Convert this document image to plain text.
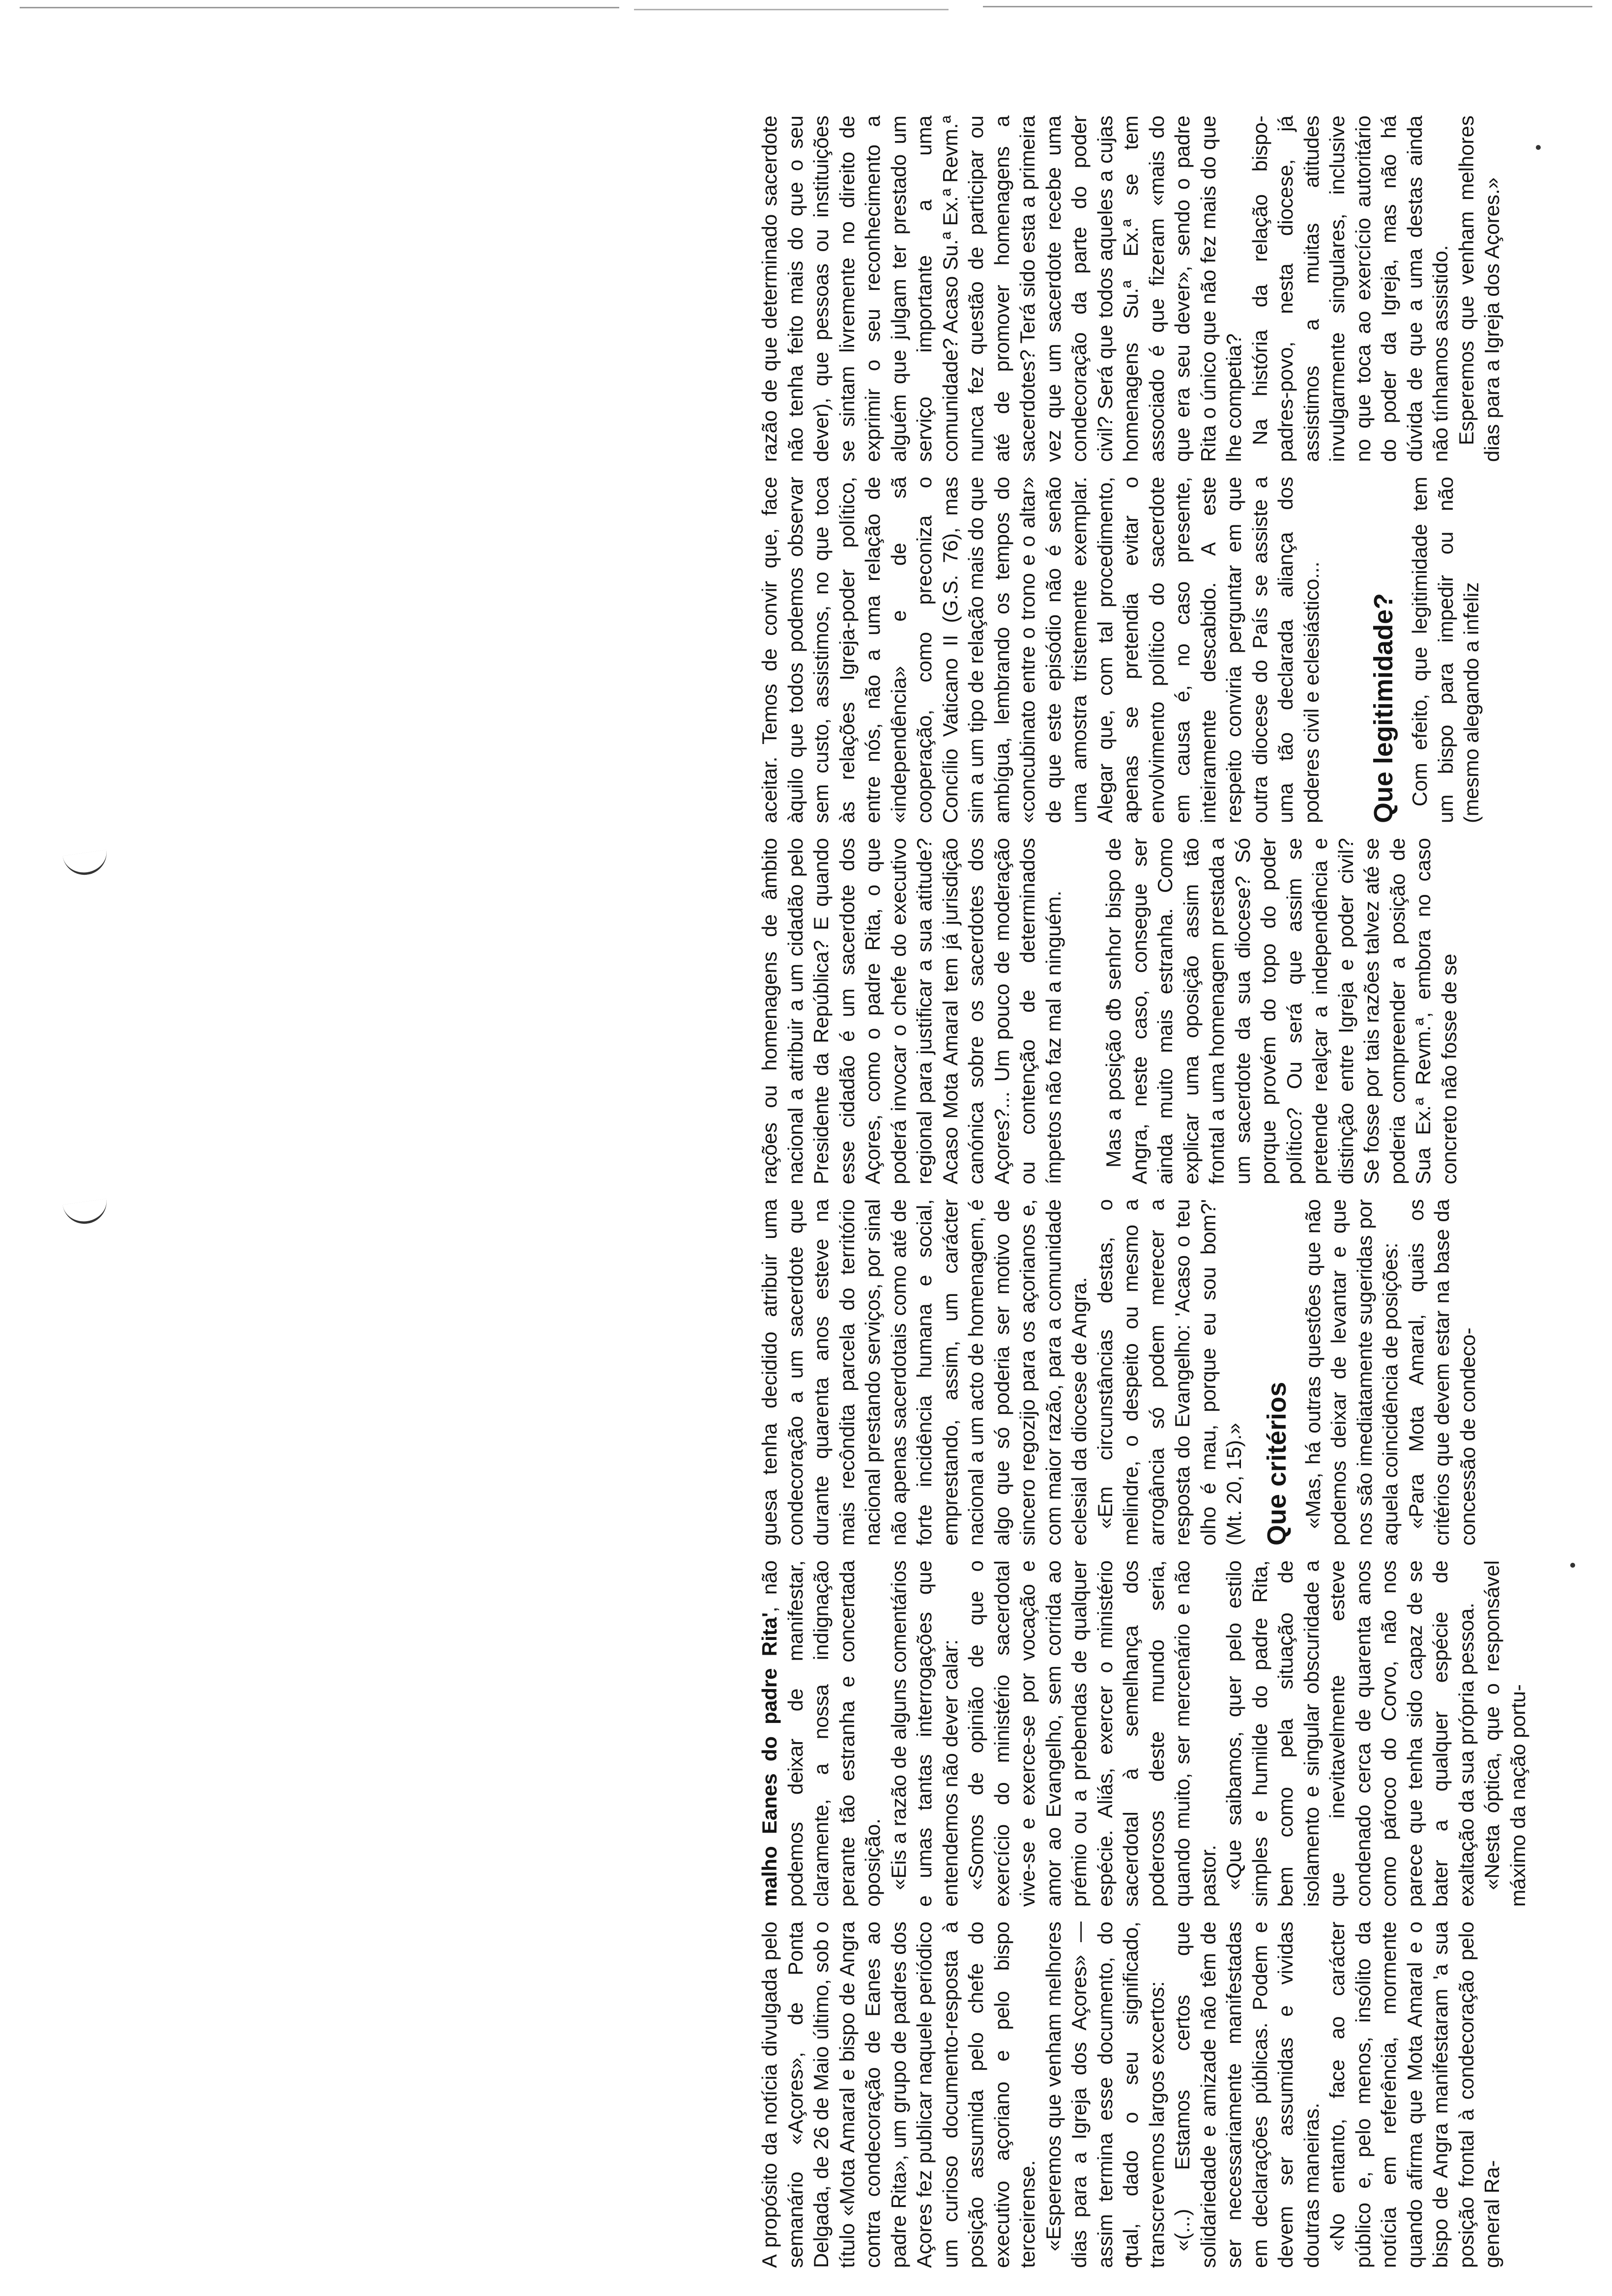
A propósito da notícia divulgada pelo semanário «Açores», de Ponta Delgada, de 26 de Maio último, sob o título «Mota Amaral e bispo de Angra contra condecoração de Eanes ao padre Rita», um grupo de padres dos Açores fez publicar naquele periódico um curioso documento-resposta à posição assumida pelo chefe do executivo açoriano e pelo bispo terceirense. «Esperemos que venham melhores dias para a Igreja dos Açores» — assim termina esse documento, do qual, dado o seu significado, transcrevemos largos excertos: «(...) Estamos certos que solidariedade e amizade não têm de ser necessariamente manifestadas em declarações públicas. Podem e devem ser assumidas e vividas doutras maneiras. «No entanto, face ao carácter público e, pelo menos, insólito da notícia em referência, mormente quando afirma que Mota Amaral e o bispo de Angra manifestaram 'a sua posição frontal à condecoração pelo general Ra-

malho Eanes do padre Rita', não podemos deixar de manifestar, claramente, a nossa indignação perante tão estranha e concertada oposição. «Eis a razão de alguns comentários e umas tantas interrogações que entendemos não dever calar: «Somos de opinião de que o exercício do ministério sacerdotal vive-se e exerce-se por vocação e amor ao Evangelho, sem corrida ao prémio ou a prebendas de qualquer espécie. Aliás, exercer o ministério sacerdotal à semelhança dos poderosos deste mundo seria, quando muito, ser mercenário e não pastor. «Que saibamos, quer pelo estilo simples e humilde do padre Rita, bem como pela situação de isolamento e singular obscuridade a que inevitavelmente esteve condenado cerca de quarenta anos como pároco do Corvo, não nos parece que tenha sido capaz de se bater a qualquer espécie de exaltação da sua própria pessoa. «Nesta óptica, que o responsável máximo da nação portu-

guesa tenha decidido atribuir uma condecoração a um sacerdote que durante quarenta anos esteve na mais recôndita parcela do território nacional prestando serviços, por sinal não apenas sacerdotais como até de forte incidência humana e social, emprestando, assim, um carácter nacional a um acto de homenagem, é algo que só poderia ser motivo de sincero regozijo para os açorianos e, com maior razão, para a comunidade eclesial da diocese de Angra. «Em circunstâncias destas, o melindre, o despeito ou mesmo a arrogância só podem merecer a resposta do Evangelho: 'Acaso o teu olho é mau, porque eu sou bom?' (Mt. 20, 15).» Que critérios «Mas, há outras questões que não podemos deixar de levantar e que nos são imediatamente sugeridas por aquela coincidência de posições: «Para Mota Amaral, quais os critérios que devem estar na base da concessão de condeco-

rações ou homenagens de âmbito nacional a atribuir a um cidadão pelo Presidente da República? E quando esse cidadão é um sacerdote dos Açores, como o padre Rita, o que poderá invocar o chefe do executivo regional para justificar a sua atitude? Acaso Mota Amaral tem já jurisdição canónica sobre os sacerdotes dos Açores?... Um pouco de moderação ou contenção de determinados ímpetos não faz mal a ninguém. Mas a posição do senhor bispo de Angra, neste caso, consegue ser ainda muito mais estranha. Como explicar uma oposição assim tão frontal a uma homenagem prestada a um sacerdote da sua diocese? Só porque provém do topo do poder político? Ou será que assim se pretende realçar a independência e distinção entre Igreja e poder civil? Se fosse por tais razões talvez até se poderia compreender a posição de Sua Ex.ª Revm.ª, embora no caso concreto não fosse de se

aceitar. Temos de convir que, face àquilo que todos podemos observar sem custo, assistimos, no que toca às relações Igreja-poder político, entre nós, não a uma relação de «independência» e de sã cooperação, como preconiza o Concílio Vaticano II (G.S. 76), mas sim a um tipo de relação mais do que ambígua, lembrando os tempos do «concubinato entre o trono e o altar» de que este episódio não é senão uma amostra tristemente exemplar. Alegar que, com tal procedimento, apenas se pretendia evitar o envolvimento político do sacerdote em causa é, no caso presente, inteiramente descabido. A este respeito conviria perguntar em que outra diocese do País se assiste a uma tão declarada aliança dos poderes civil e eclesiástico... Que legitimidade? Com efeito, que legitimidade tem um bispo para impedir ou não (mesmo alegando a infeliz

razão de que determinado sacerdote não tenha feito mais do que o seu dever), que pessoas ou instituições se sintam livremente no direito de exprimir o seu reconhecimento a alguém que julgam ter prestado um serviço importante a uma comunidade? Acaso Su.ª Ex.ª Revm.ª nunca fez questão de participar ou até de promover homenagens a sacerdotes? Terá sido esta a primeira vez que um sacerdote recebe uma condecoração da parte do poder civil? Será que todos aqueles a cujas homenagens Su.ª Ex.ª se tem associado é que fizeram «mais do que era seu dever», sendo o padre Rita o único que não fez mais do que lhe competia? Na história da relação bispo-padres-povo, nesta diocese, já assistimos a muitas atitudes invulgarmente singulares, inclusive no que toca ao exercício autoritário do poder da Igreja, mas não há dúvida de que a uma destas ainda não tínhamos assistido. Esperemos que venham melhores dias para a Igreja dos Açores.»
